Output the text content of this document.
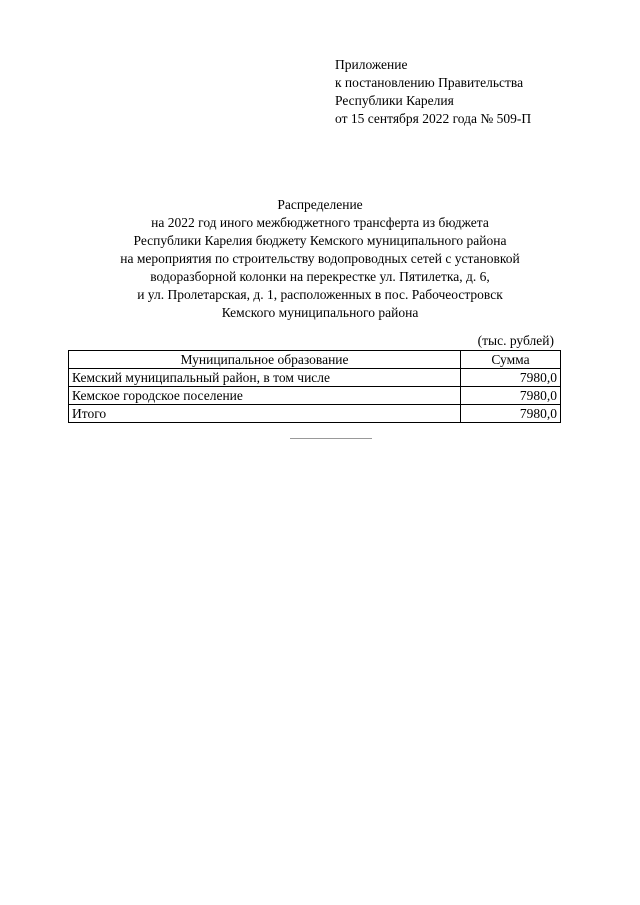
Приложение
к постановлению Правительства
Республики Карелия
от 15 сентября 2022 года № 509-П
Распределение
на 2022 год иного межбюджетного трансферта из бюджета
Республики Карелия бюджету Кемского муниципального района
на мероприятия по строительству водопроводных сетей с установкой
водоразборной колонки на перекрестке ул. Пятилетка, д. 6,
и ул. Пролетарская, д. 1, расположенных в пос. Рабочеостровск
Кемского муниципального района
(тыс. рублей)
Муниципальное образование	Сумма
Кемский муниципальный район, в том числе	7980,0
Кемское городское поселение	7980,0
Итого	7980,0
